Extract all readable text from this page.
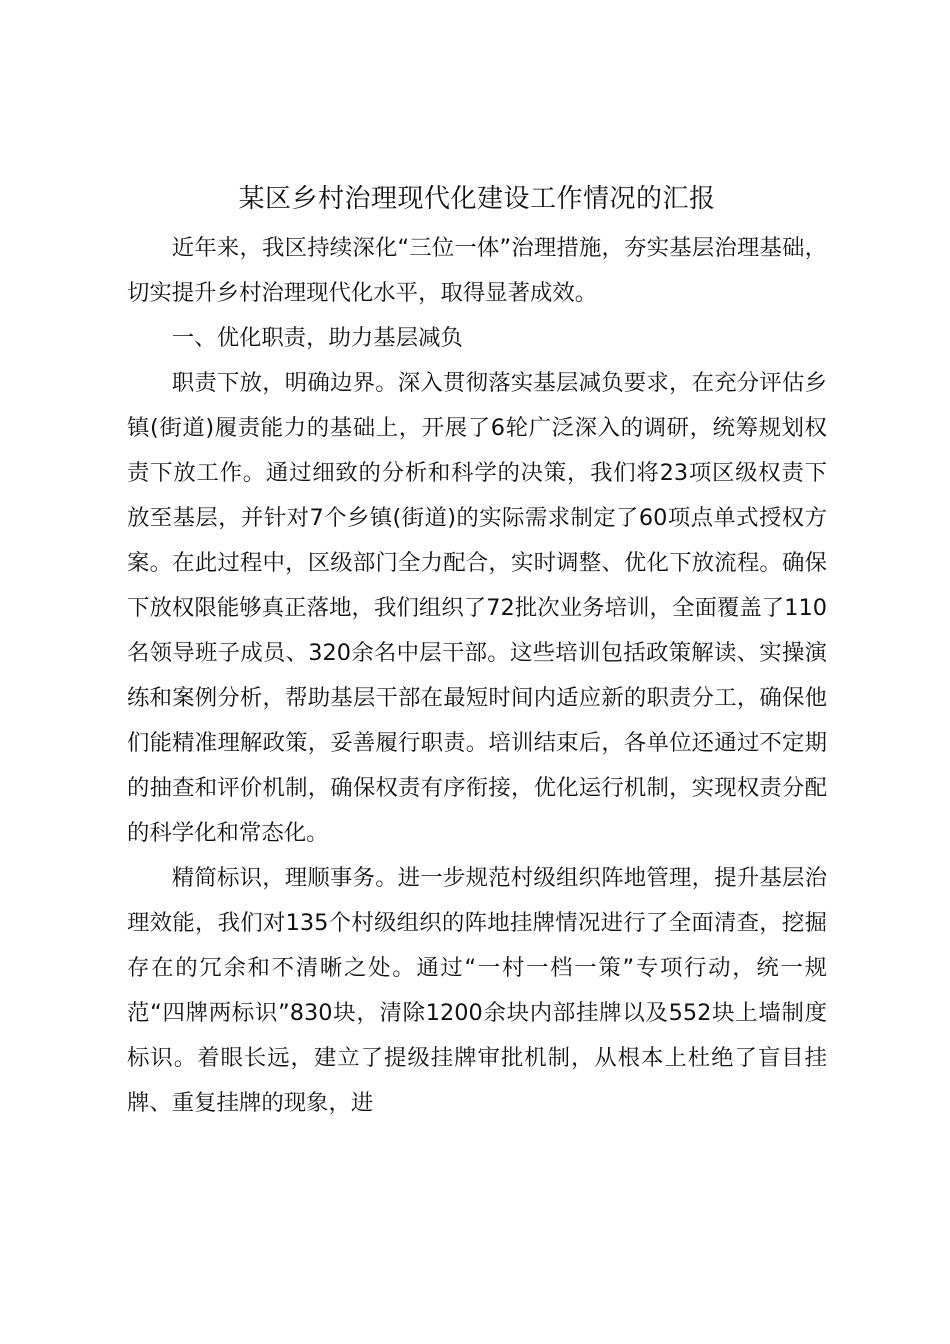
某区乡村治理现代化建设工作情况的汇报

近年来，我区持续深化“三位一体”治理措施，夯实基层治理基础，切实提升乡村治理现代化水平，取得显著成效。

一、优化职责，助力基层减负

职责下放，明确边界。深入贯彻落实基层减负要求，在充分评估乡镇(街道)履责能力的基础上，开展了6轮广泛深入的调研，统筹规划权责下放工作。通过细致的分析和科学的决策，我们将23项区级权责下放至基层，并针对7个乡镇(街道)的实际需求制定了60项点单式授权方案。在此过程中，区级部门全力配合，实时调整、优化下放流程。确保下放权限能够真正落地，我们组织了72批次业务培训，全面覆盖了110名领导班子成员、320余名中层干部。这些培训包括政策解读、实操演练和案例分析，帮助基层干部在最短时间内适应新的职责分工，确保他们能精准理解政策，妥善履行职责。培训结束后，各单位还通过不定期的抽查和评价机制，确保权责有序衔接，优化运行机制，实现权责分配的科学化和常态化。

精简标识，理顺事务。进一步规范村级组织阵地管理，提升基层治理效能，我们对135个村级组织的阵地挂牌情况进行了全面清查，挖掘存在的冗余和不清晰之处。通过“一村一档一策”专项行动，统一规范“四牌两标识”830块，清除1200余块内部挂牌以及552块上墙制度标识。着眼长远，建立了提级挂牌审批机制，从根本上杜绝了盲目挂牌、重复挂牌的现象，进
